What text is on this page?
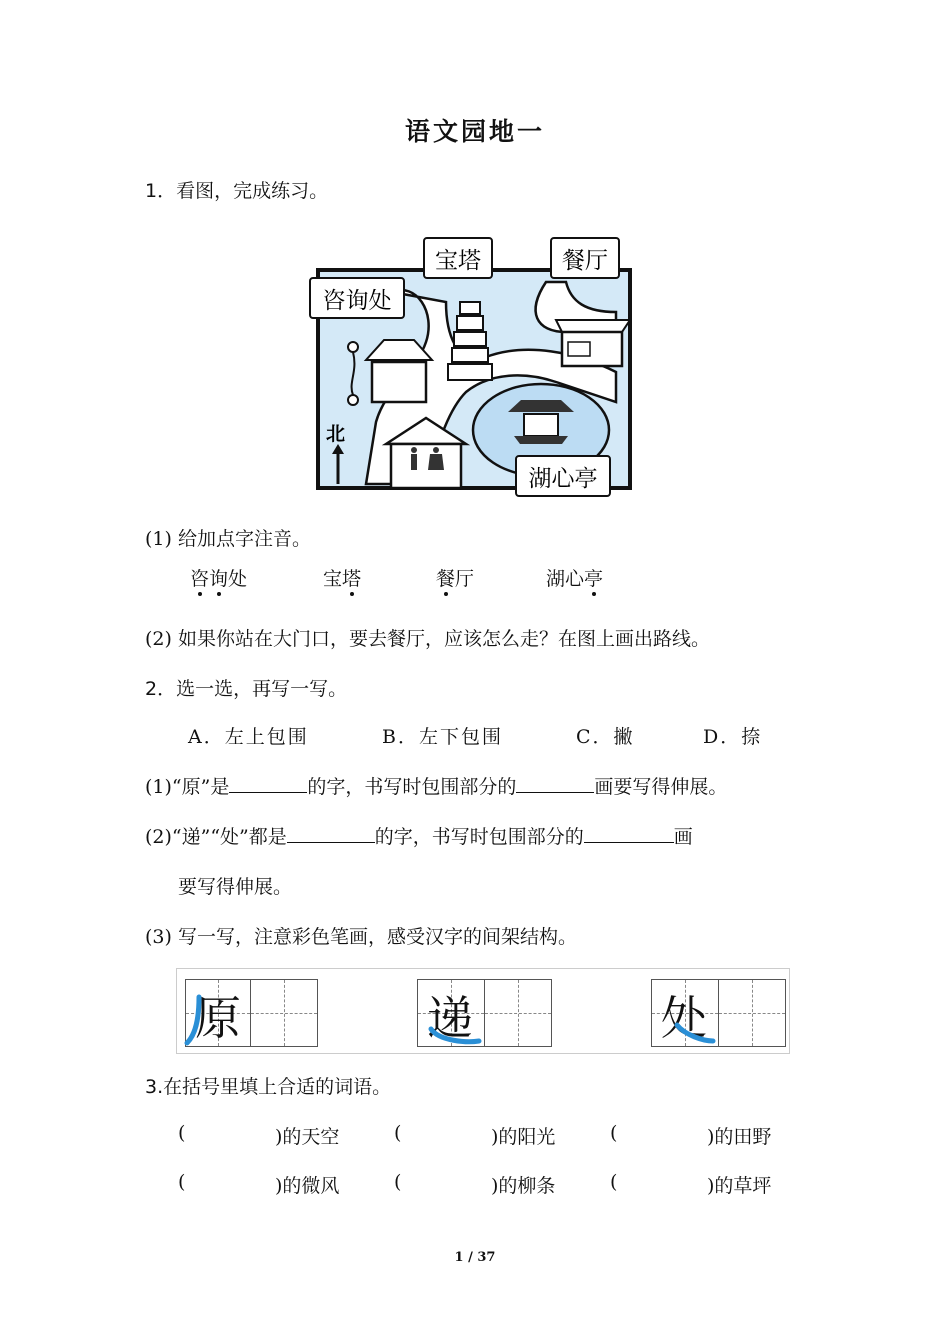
语文园地一
1．看图，完成练习。
北
宝塔	餐厅
咨询处
湖心亭
(1) 给加点字注音。
咨询处	宝塔	餐厅	湖心亭
(2) 如果你站在大门口，要去餐厅，应该怎么走？在图上画出路线。
2．选一选，再写一写。
A．左上包围	B．左下包围	C．撇	D．捺
(1)“原”是	的字，书写时包围部分的	画要写得伸展。
(2)“递”“处”都是	的字，书写时包围部分的	画
要写得伸展。
(3) 写一写，注意彩色笔画，感受汉字的间架结构。
原	递	处
3.在括号里填上合适的词语。
(	)的天空	(	)的阳光	(	)的田野
(	)的微风	(	)的柳条	(	)的草坪
1 / 37
